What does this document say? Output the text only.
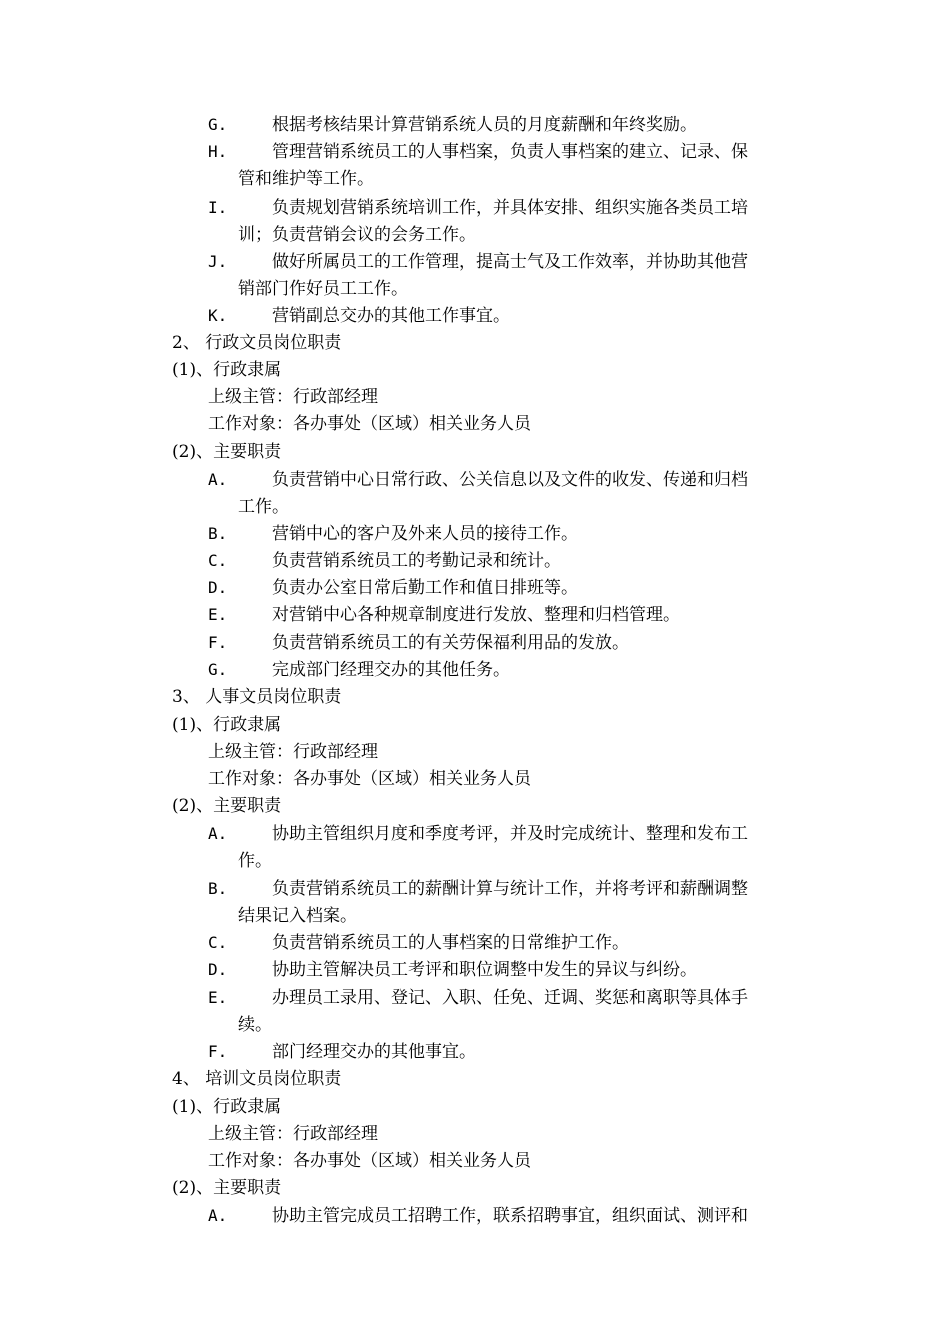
G.	根据考核结果计算营销系统人员的月度薪酬和年终奖励。
H.	管理营销系统员工的人事档案，负责人事档案的建立、记录、保
管和维护等工作。
I.	负责规划营销系统培训工作，并具体安排、组织实施各类员工培
训；负责营销会议的会务工作。
J.	做好所属员工的工作管理，提高士气及工作效率，并协助其他营
销部门作好员工工作。
K.	营销副总交办的其他工作事宜。
2、 行政文员岗位职责
(1)、行政隶属
上级主管：行政部经理
工作对象：各办事处（区域）相关业务人员
(2)、主要职责
A.	负责营销中心日常行政、公关信息以及文件的收发、传递和归档
工作。
B.	营销中心的客户及外来人员的接待工作。
C.	负责营销系统员工的考勤记录和统计。
D.	负责办公室日常后勤工作和值日排班等。
E.	对营销中心各种规章制度进行发放、整理和归档管理。
F.	负责营销系统员工的有关劳保福利用品的发放。
G.	完成部门经理交办的其他任务。
3、 人事文员岗位职责
(1)、行政隶属
上级主管：行政部经理
工作对象：各办事处（区域）相关业务人员
(2)、主要职责
A.	协助主管组织月度和季度考评，并及时完成统计、整理和发布工
作。
B.	负责营销系统员工的薪酬计算与统计工作，并将考评和薪酬调整
结果记入档案。
C.	负责营销系统员工的人事档案的日常维护工作。
D.	协助主管解决员工考评和职位调整中发生的异议与纠纷。
E.	办理员工录用、登记、入职、任免、迁调、奖惩和离职等具体手
续。
F.	部门经理交办的其他事宜。
4、 培训文员岗位职责
(1)、行政隶属
上级主管：行政部经理
工作对象：各办事处（区域）相关业务人员
(2)、主要职责
A.	协助主管完成员工招聘工作，联系招聘事宜，组织面试、测评和
